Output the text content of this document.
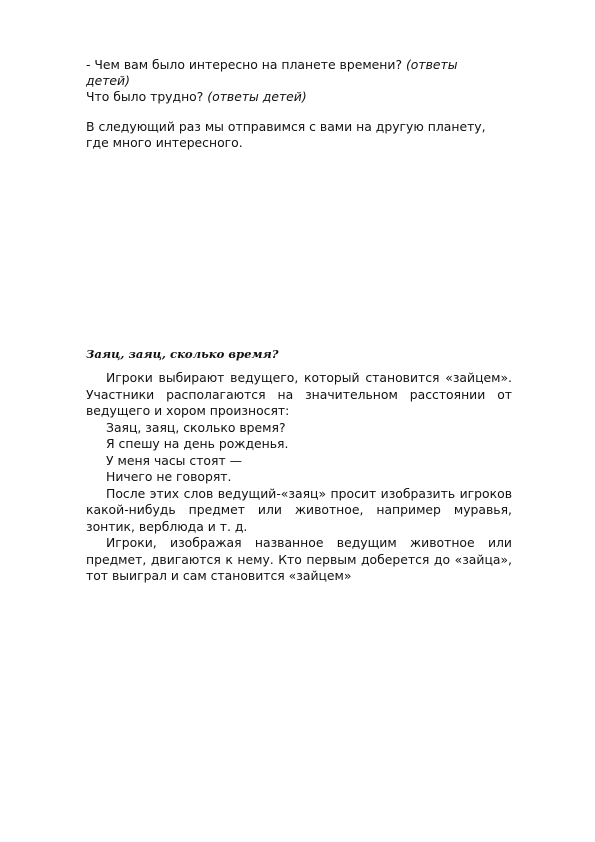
- Чем вам было интересно на планете времени? (ответы
детей)
Что было трудно? (ответы детей)
В следующий раз мы отправимся с вами на другую планету,
где много интересного.
Заяц, заяц, сколько время?

Игроки выбирают ведущего, который становится «зайцем». Участники располагаются на значительном расстоянии от ведущего и хором произносят:

Заяц, заяц, сколько время?

Я спешу на день рожденья.

У меня часы стоят —

Ничего не говорят.

После этих слов ведущий-«заяц» просит изобразить игроков какой-нибудь предмет или животное, например муравья, зонтик, верблюда и т. д.

Игроки, изображая названное ведущим животное или предмет, двигаются к нему. Кто первым доберется до «зайца», тот выиграл и сам становится «зайцем»
